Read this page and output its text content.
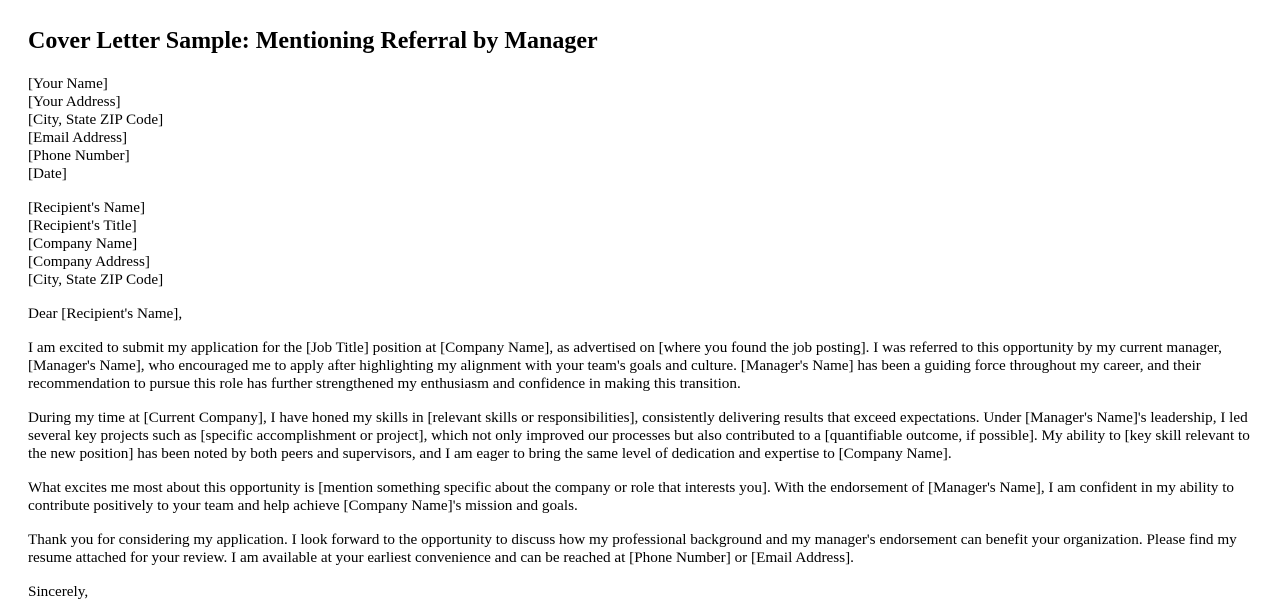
Cover Letter Sample: Mentioning Referral by Manager
[Your Name]
[Your Address]
[City, State ZIP Code]
[Email Address]
[Phone Number]
[Date]
[Recipient's Name]
[Recipient's Title]
[Company Name]
[Company Address]
[City, State ZIP Code]

Dear [Recipient's Name],

I am excited to submit my application for the [Job Title] position at [Company Name], as advertised on [where you found the job posting]. I was referred to this opportunity by my current manager, [Manager's Name], who encouraged me to apply after highlighting my alignment with your team's goals and culture. [Manager's Name] has been a guiding force throughout my career, and their recommendation to pursue this role has further strengthened my enthusiasm and confidence in making this transition.

During my time at [Current Company], I have honed my skills in [relevant skills or responsibilities], consistently delivering results that exceed expectations. Under [Manager's Name]'s leadership, I led several key projects such as [specific accomplishment or project], which not only improved our processes but also contributed to a [quantifiable outcome, if possible]. My ability to [key skill relevant to the new position] has been noted by both peers and supervisors, and I am eager to bring the same level of dedication and expertise to [Company Name].

What excites me most about this opportunity is [mention something specific about the company or role that interests you]. With the endorsement of [Manager's Name], I am confident in my ability to contribute positively to your team and help achieve [Company Name]'s mission and goals.

Thank you for considering my application. I look forward to the opportunity to discuss how my professional background and my manager's endorsement can benefit your organization. Please find my resume attached for your review. I am available at your earliest convenience and can be reached at [Phone Number] or [Email Address].

Sincerely,
